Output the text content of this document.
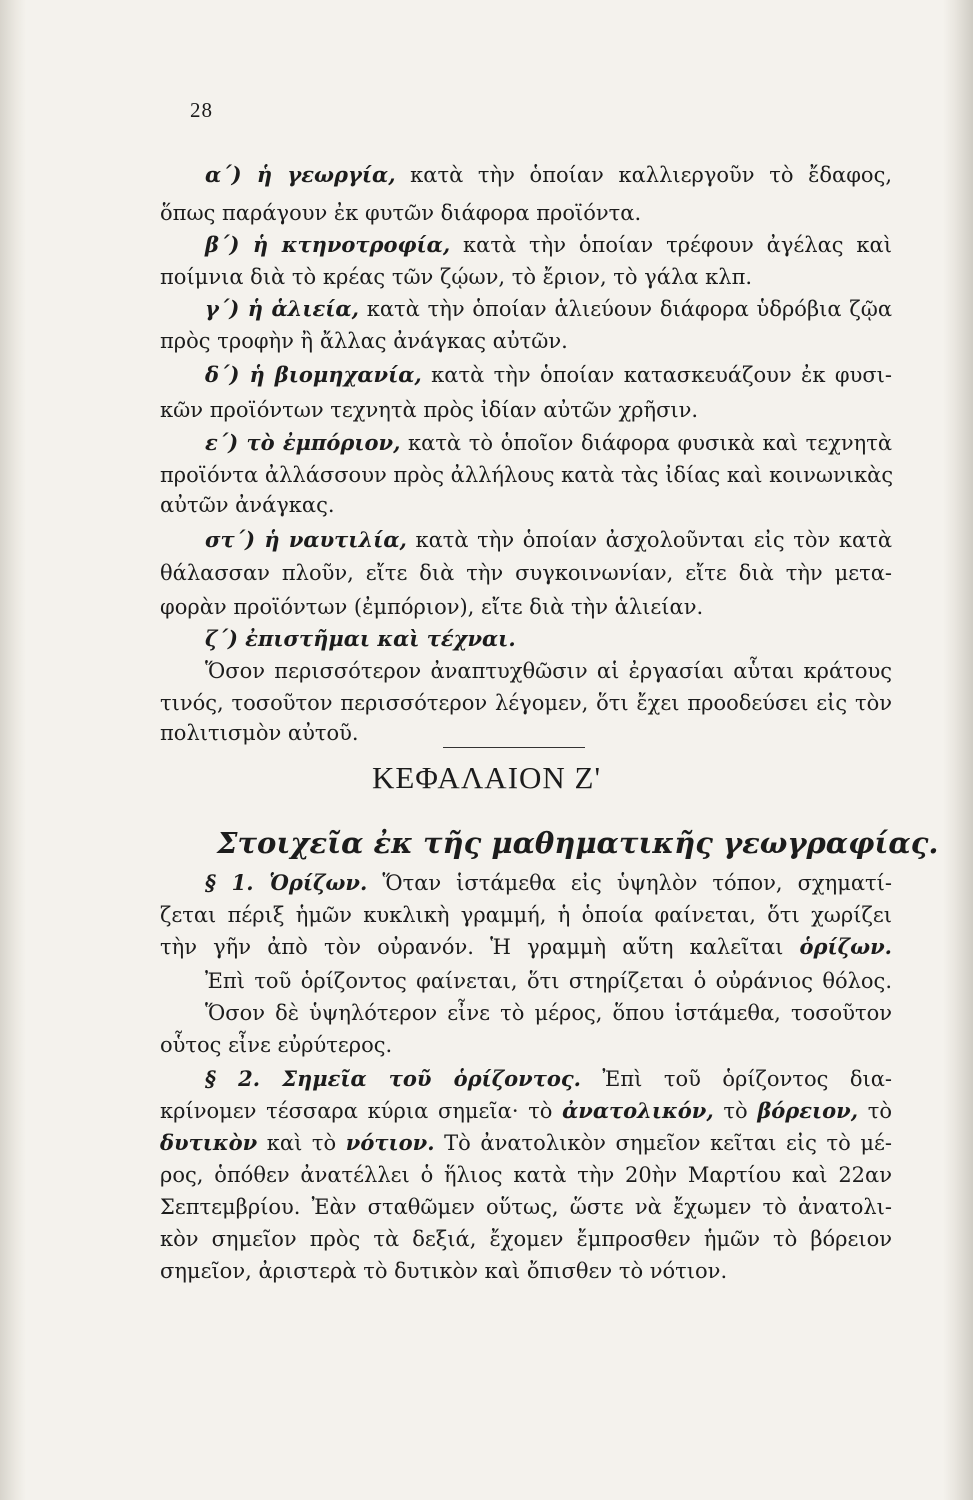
28
α΄) ἡ γεωργία, κατὰ τὴν ὁποίαν καλλιεργοῦν τὸ ἔδαφος,
ὅπως παράγουν ἐκ φυτῶν διάφορα προϊόντα.
β΄) ἡ κτηνοτροφία, κατὰ τὴν ὁποίαν τρέφουν ἀγέλας καὶ
ποίμνια διὰ τὸ κρέας τῶν ζῴων, τὸ ἔριον, τὸ γάλα κλπ.
γ΄) ἡ ἁλιεία, κατὰ τὴν ὁποίαν ἁλιεύουν διάφορα ὑδρόβια ζῷα
πρὸς τροφὴν ἢ ἄλλας ἀνάγκας αὐτῶν.
δ΄) ἡ βιομηχανία, κατὰ τὴν ὁποίαν κατασκευάζουν ἐκ φυσι-
κῶν προϊόντων τεχνητὰ πρὸς ἰδίαν αὐτῶν χρῆσιν.
ε΄) τὸ ἐμπόριον, κατὰ τὸ ὁποῖον διάφορα φυσικὰ καὶ τεχνητὰ
προϊόντα ἀλλάσσουν πρὸς ἀλλήλους κατὰ τὰς ἰδίας καὶ κοινωνικὰς
αὐτῶν ἀνάγκας.
στ΄) ἡ ναυτιλία, κατὰ τὴν ὁποίαν ἀσχολοῦνται εἰς τὸν κατὰ
θάλασσαν πλοῦν, εἴτε διὰ τὴν συγκοινωνίαν, εἴτε διὰ τὴν μετα-
φορὰν προϊόντων (ἐμπόριον), εἴτε διὰ τὴν ἁλιείαν.
ζ΄) ἐπιστῆμαι καὶ τέχναι.
Ὅσον περισσότερον ἀναπτυχθῶσιν αἱ ἐργασίαι αὗται κράτους
τινός, τοσοῦτον περισσότερον λέγομεν, ὅτι ἔχει προοδεύσει εἰς τὸν
πολιτισμὸν αὐτοῦ.
ΚΕΦΑΛΑΙΟΝ Ζ'
Στοιχεῖα ἐκ τῆς μαθηματικῆς γεωγραφίας.
§ 1. Ὁρίζων. Ὅταν ἱστάμεθα εἰς ὑψηλὸν τόπον, σχηματί-
ζεται πέριξ ἡμῶν κυκλικὴ γραμμή, ἡ ὁποία φαίνεται, ὅτι χωρίζει
τὴν γῆν ἀπὸ τὸν οὐρανόν. Ἡ γραμμὴ αὕτη καλεῖται ὁρίζων.
Ἐπὶ τοῦ ὁρίζοντος φαίνεται, ὅτι στηρίζεται ὁ οὐράνιος θόλος.
Ὅσον δὲ ὑψηλότερον εἶνε τὸ μέρος, ὅπου ἱστάμεθα, τοσοῦτον
οὗτος εἶνε εὐρύτερος.
§ 2. Σημεῖα τοῦ ὁρίζοντος. Ἐπὶ τοῦ ὁρίζοντος δια-
κρίνομεν τέσσαρα κύρια σημεῖα· τὸ ἀνατολικόν, τὸ βόρειον, τὸ
δυτικὸν καὶ τὸ νότιον. Τὸ ἀνατολικὸν σημεῖον κεῖται εἰς τὸ μέ-
ρος, ὁπόθεν ἀνατέλλει ὁ ἥλιος κατὰ τὴν 20ὴν Μαρτίου καὶ 22αν
Σεπτεμβρίου. Ἐὰν σταθῶμεν οὕτως, ὥστε νὰ ἔχωμεν τὸ ἀνατολι-
κὸν σημεῖον πρὸς τὰ δεξιά, ἔχομεν ἔμπροσθεν ἡμῶν τὸ βόρειον
σημεῖον, ἀριστερὰ τὸ δυτικὸν καὶ ὄπισθεν τὸ νότιον.
